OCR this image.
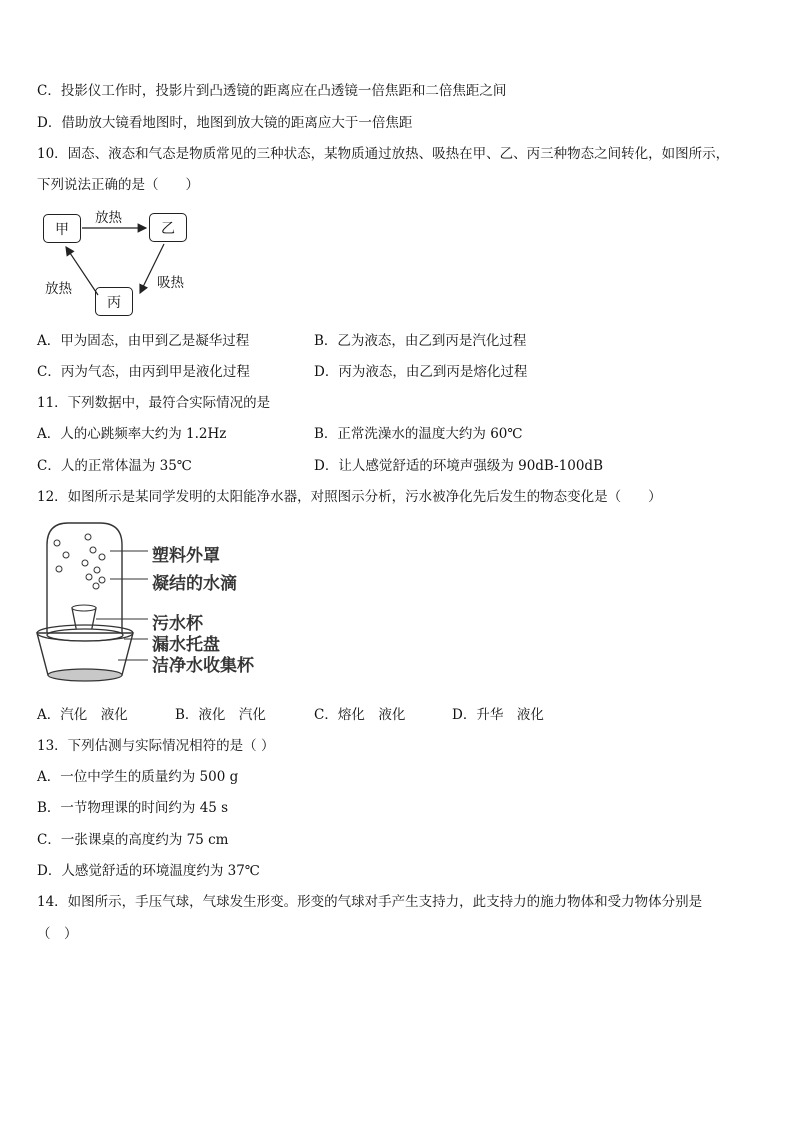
C．投影仪工作时，投影片到凸透镜的距离应在凸透镜一倍焦距和二倍焦距之间
D．借助放大镜看地图时，地图到放大镜的距离应大于一倍焦距
10．固态、液态和气态是物质常见的三种状态，某物质通过放热、吸热在甲、乙、丙三种物态之间转化，如图所示，
下列说法正确的是（　　）
甲	乙
丙
放热
吸热
放热
A．甲为固态，由甲到乙是凝华过程	B．乙为液态，由乙到丙是汽化过程
C．丙为气态，由丙到甲是液化过程	D．丙为液态，由乙到丙是熔化过程
11．下列数据中，最符合实际情况的是
A．人的心跳频率大约为 1.2Hz	B．正常洗澡水的温度大约为 60℃
C．人的正常体温为 35℃	D．让人感觉舒适的环境声强级为 90dB-100dB
12．如图所示是某同学发明的太阳能净水器，对照图示分析，污水被净化先后发生的物态变化是（　　）
塑料外罩
凝结的水滴
污水杯
漏水托盘
洁净水收集杯
A．汽化　液化	B．液化　汽化	C．熔化　液化	D．升华　液化
13．下列估测与实际情况相符的是（ ）
A．一位中学生的质量约为 500 g
B．一节物理课的时间约为 45 s
C．一张课桌的高度约为 75 cm
D．人感觉舒适的环境温度约为 37℃
14．如图所示，手压气球，气球发生形变。形变的气球对手产生支持力，此支持力的施力物体和受力物体分别是
（　）
